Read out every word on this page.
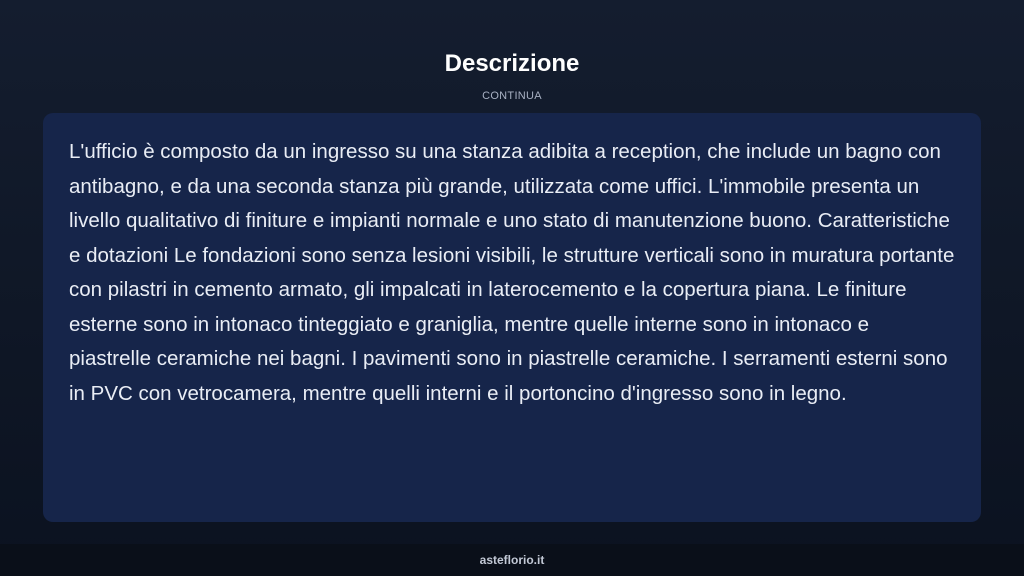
Descrizione
CONTINUA

L'ufficio è composto da un ingresso su una stanza adibita a reception, che include un bagno con antibagno, e da una seconda stanza più grande, utilizzata come uffici. L'immobile presenta un livello qualitativo di finiture e impianti normale e uno stato di manutenzione buono. Caratteristiche e dotazioni Le fondazioni sono senza lesioni visibili, le strutture verticali sono in muratura portante con pilastri in cemento armato, gli impalcati in laterocemento e la copertura piana. Le finiture esterne sono in intonaco tinteggiato e graniglia, mentre quelle interne sono in intonaco e piastrelle ceramiche nei bagni. I pavimenti sono in piastrelle ceramiche. I serramenti esterni sono in PVC con vetrocamera, mentre quelli interni e il portoncino d'ingresso sono in legno.

asteflorio.it
